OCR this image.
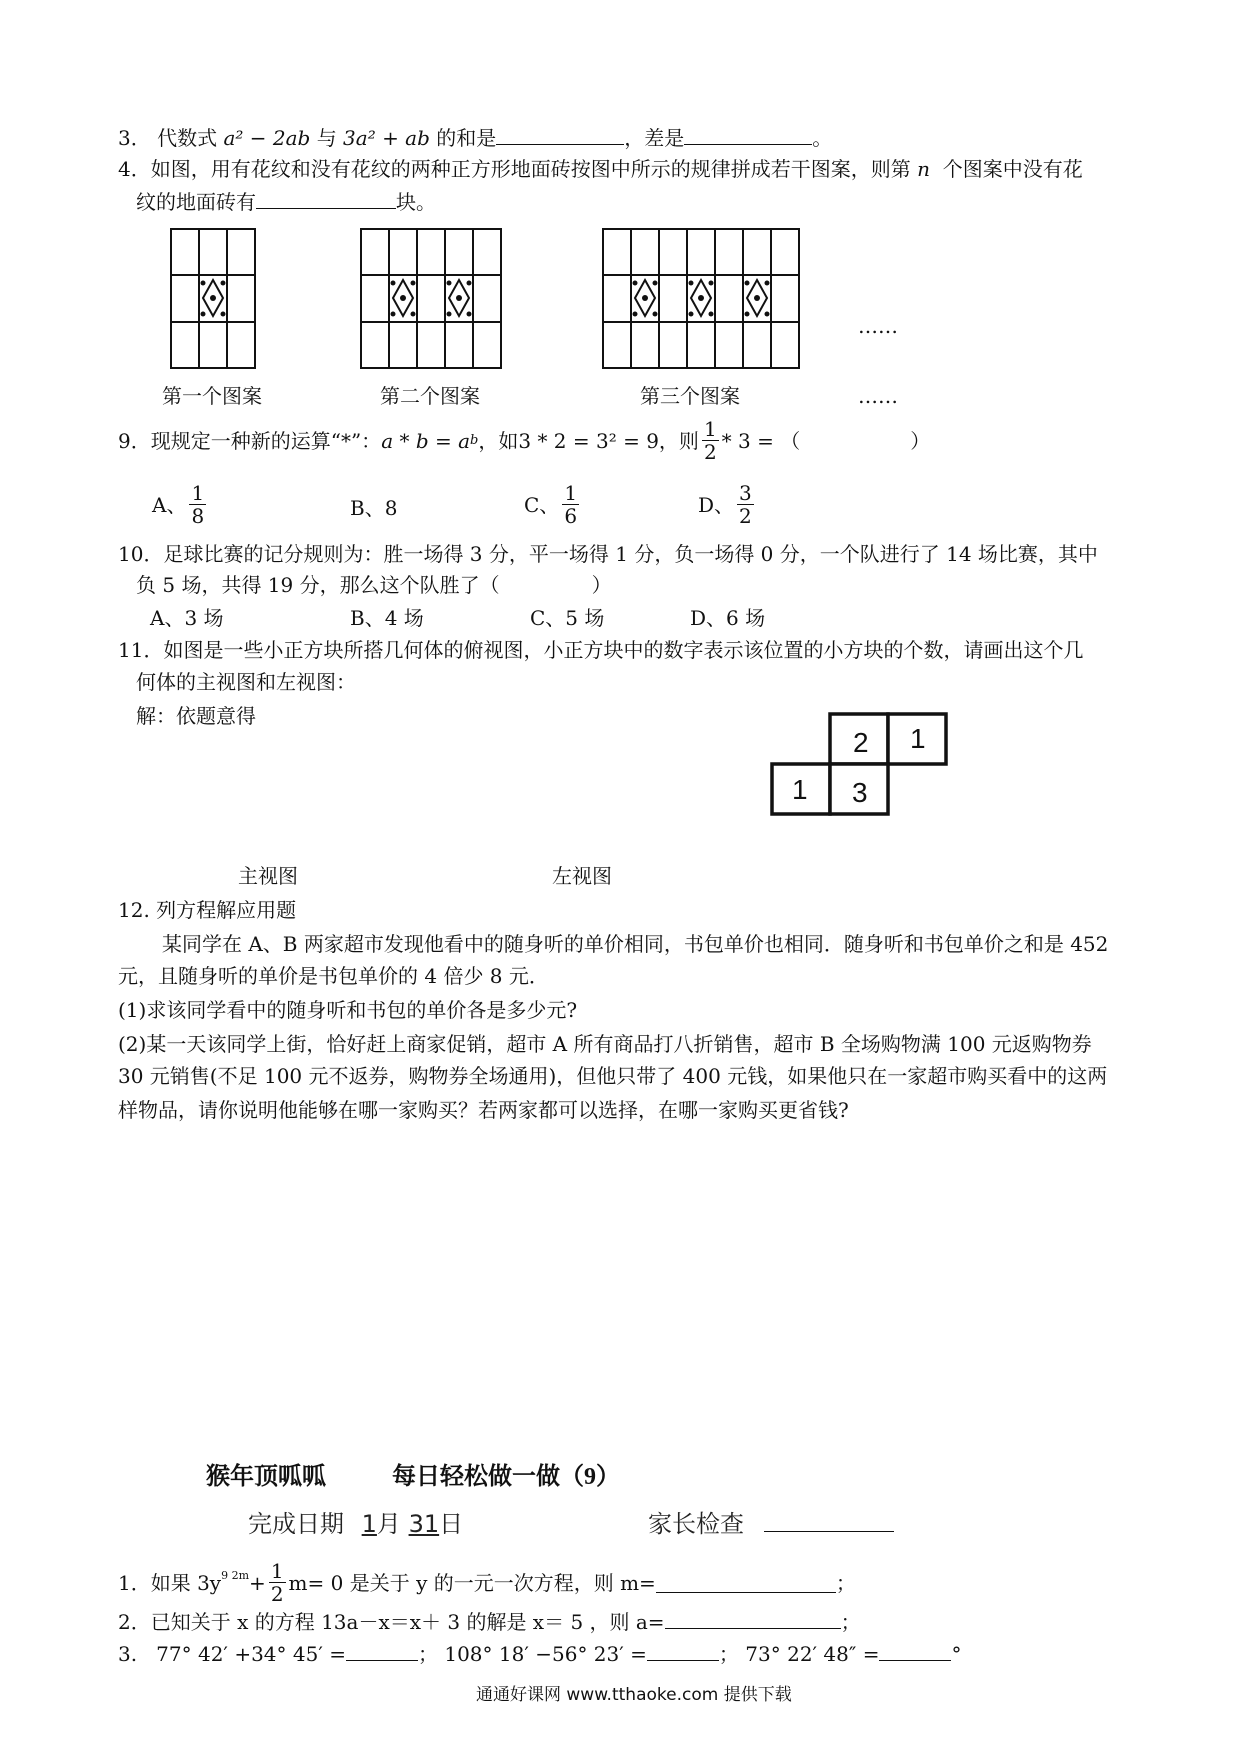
3． 代数式 a² − 2ab 与 3a² + ab 的和是	，差是	。
4．如图，用有花纹和没有花纹的两种正方形地面砖按图中所示的规律拼成若干图案，则第 n 个图案中没有花
纹的地面砖有	块。
……
第一个图案	第二个图案	第三个图案	……
9．现规定一种新的运算“*”： a * b = a b ，如3 * 2 = 3² = 9，则 $\frac{1}{2} * 3$ = （	）
A、 $\frac{1}{8}$	B、8	C、 $\frac{1}{6}$	D、 $\frac{3}{2}$
10．足球比赛的记分规则为：胜一场得 3 分，平一场得 1 分，负一场得 0 分，一个队进行了 14 场比赛，其中
负 5 场，共得 19 分，那么这个队胜了（	）
A、3 场	B、4 场	C、5 场	D、6 场
11．如图是一些小正方块所搭几何体的俯视图，小正方块中的数字表示该位置的小方块的个数，请画出这个几
何体的主视图和左视图：
解：依题意得
2 1
1 3
主视图	左视图
12. 列方程解应用题
某同学在 A、B 两家超市发现他看中的随身听的单价相同，书包单价也相同．随身听和书包单价之和是 452
元，且随身听的单价是书包单价的 4 倍少 8 元．
(1)求该同学看中的随身听和书包的单价各是多少元?
(2)某一天该同学上街，恰好赶上商家促销，超市 A 所有商品打八折销售，超市 B 全场购物满 100 元返购物券
30 元销售(不足 100 元不返券，购物券全场通用)，但他只带了 400 元钱，如果他只在一家超市购买看中的这两
样物品，请你说明他能够在哪一家购买？若两家都可以选择，在哪一家购买更省钱?
猴年顶呱呱	每日轻松做一做（9）
完成日期 1月 31日	家长检查
1．如果 $3y^{9 2m} + \frac{1}{2} m= 0$ 是关于 y 的一元一次方程，则 m=	；
2．已知关于 x 的方程 13a－x＝x＋ 3 的解是 x＝ 5 ，则 a=	；
3. 77° 42′ +34° 45′ =	； 108° 18′ −56° 23′ =	； 73° 22′ 48″ =	°
通通好课网 www.tthaoke.com 提供下载
